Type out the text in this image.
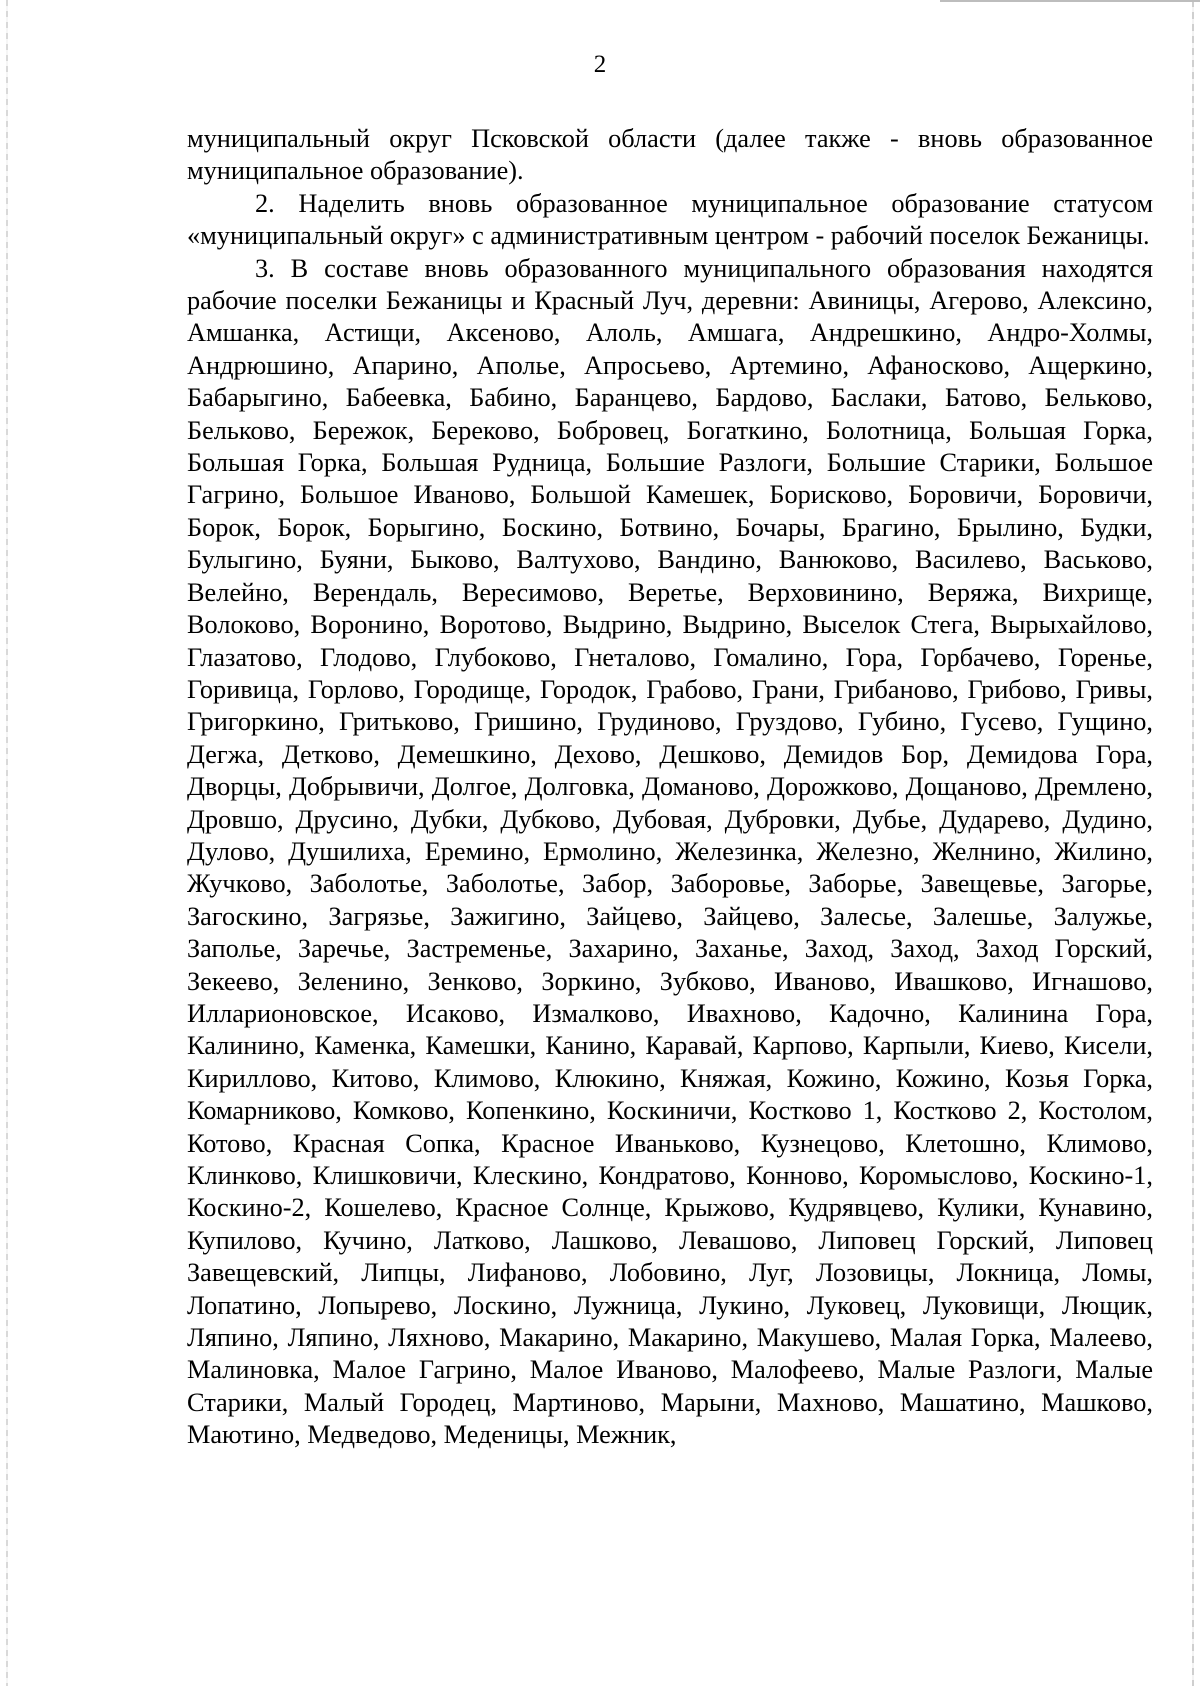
2

муниципальный округ Псковской области (далее также - вновь образованное муниципальное образование).

2. Наделить вновь образованное муниципальное образование статусом «муниципальный округ» с административным центром - рабочий поселок Бежаницы.

3. В составе вновь образованного муниципального образования находятся рабочие поселки Бежаницы и Красный Луч, деревни: Авиницы, Агерово, Алексино, Амшанка, Астищи, Аксеново, Алоль, Амшага, Андрешкино, Андро-Холмы, Андрюшино, Апарино, Аполье, Апросьево, Артемино, Афаносково, Ащеркино, Бабарыгино, Бабеевка, Бабино, Баранцево, Бардово, Баслаки, Батово, Бельково, Бельково, Бережок, Берековo, Бобровец, Богаткино, Болотница, Большая Горка, Большая Горка, Большая Рудница, Большие Разлоги, Большие Старики, Большое Гагрино, Большое Иваново, Большой Камешек, Борисково, Боровичи, Боровичи, Борок, Борок, Борыгино, Боскино, Ботвино, Бочары, Брагино, Брылино, Будки, Булыгино, Буяни, Быково, Валтухово, Вандино, Ванюково, Василево, Васьково, Велейно, Верендаль, Вересимово, Веретье, Верховинино, Веряжа, Вихрище, Волоково, Воронино, Воротово, Выдрино, Выдрино, Выселок Стега, Вырыхайлово, Глазатово, Глодово, Глубоково, Гнеталово, Гомалино, Гора, Горбачево, Горенье, Горивица, Горлово, Городище, Городок, Грабово, Грани, Грибаново, Грибово, Гривы, Григоркино, Гритьково, Гришино, Грудиново, Груздово, Губино, Гусево, Гущино, Дегжа, Детково, Демешкино, Дехово, Дешково, Демидов Бор, Демидова Гора, Дворцы, Добрывичи, Долгое, Долговка, Доманово, Дорожково, Дощаново, Дремлено, Дровшо, Друсино, Дубки, Дубково, Дубовая, Дубровки, Дубье, Дударево, Дудино, Дулово, Душилиха, Еремино, Ермолино, Железинка, Железно, Желнино, Жилино, Жучково, Заболотье, Заболотье, Забор, Заборовье, Заборье, Завещевье, Загорье, Загоскино, Загрязье, Зажигино, Зайцево, Зайцево, Залесье, Залешье, Залужье, Заполье, Заречье, Застременье, Захарино, Заханье, Заход, Заход, Заход Горский, Зекеево, Зеленино, Зенково, Зоркино, Зубково, Иваново, Ивашково, Игнашово, Илларионовское, Исаково, Измалково, Ивахново, Кадочно, Калинина Гора, Калинино, Каменка, Камешки, Канино, Каравай, Карпово, Карпыли, Киево, Кисели, Кириллово, Китово, Климово, Клюкино, Княжая, Кожино, Кожино, Козья Горка, Комарниково, Комково, Копенкино, Коскиничи, Костково 1, Костково 2, Костолом, Котово, Красная Сопка, Красное Иваньково, Кузнецово, Клетошно, Климово, Клинково, Клишковичи, Клескино, Кондратово, Конново, Коромыслово, Коскино-1, Коскино-2, Кошелево, Красное Солнце, Крыжово, Кудрявцево, Кулики, Кунавино, Купилово, Кучино, Латково, Лашково, Левашово, Липовец Горский, Липовец Завещевский, Липцы, Лифаново, Лобовино, Луг, Лозовицы, Локница, Ломы, Лопатино, Лопырево, Лоскино, Лужница, Лукино, Луковец, Луковищи, Лющик, Ляпино, Ляпино, Ляхново, Макарино, Макарино, Макушево, Малая Горка, Малеево, Малиновка, Малое Гагрино, Малое Иваново, Малофеево, Малые Разлоги, Малые Старики, Малый Городец, Мартиново, Марыни, Махново, Машатино, Машково, Маютино, Медведово, Меденицы, Межник,
